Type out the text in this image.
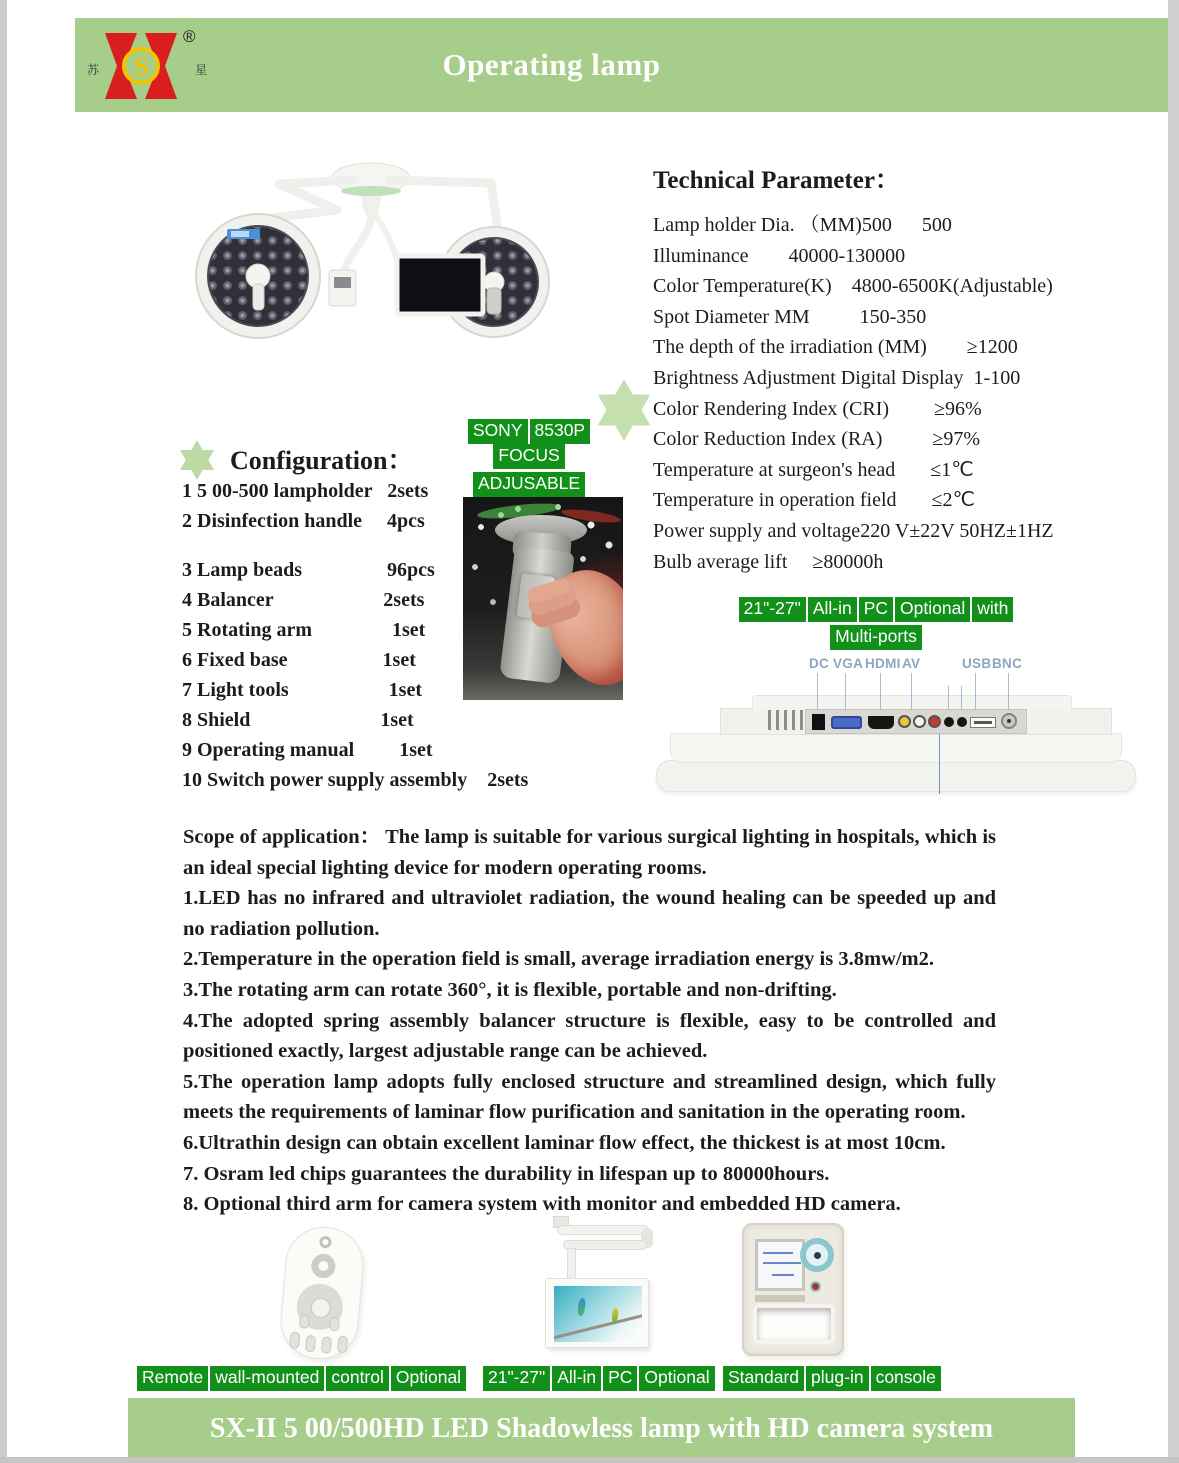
苏 S
®
星	Operating lamp
Technical Parameter：
Lamp holder Dia. （MM)500      500
Illuminance        40000-130000
Color Temperature(K)    4800-6500K(Adjustable)
Spot Diameter MM          150-350
The depth of the irradiation (MM)        ≥1200
Brightness Adjustment Digital Display  1-100
Color Rendering Index (CRI)         ≥96%
Color Reduction Index (RA)          ≥97%
Temperature at surgeon's head       ≤1℃
Temperature in operation field       ≤2℃
Power supply and voltage220 V±22V 50HZ±1HZ
Bulb average lift     ≥80000h
Configuration：
1 5 00-500 lampholder   2sets
2 Disinfection handle     4pcs
3 Lamp beads                 96pcs
4 Balancer                      2sets
5 Rotating arm                1set
6 Fixed base                   1set
7 Light tools                    1set
8 Shield                          1set
9 Operating manual         1set
10 Switch power supply assembly    2sets
SONY 8530PFOCUS
ADJUSABLE
21"-27" All-in PC Optional with
Multi-ports
DC VGA HDMI AV	USB BNC

Scope of application： The lamp is suitable for various surgical lighting in hospitals, which is an ideal special lighting device for modern operating rooms.

1.LED has no infrared and ultraviolet radiation, the wound healing can be speeded up and no radiation pollution.

2.Temperature in the operation field is small, average irradiation energy is 3.8mw/m2.

3.The rotating arm can rotate 360°, it is flexible, portable and non-drifting.

4.The adopted spring assembly balancer structure is flexible, easy to be controlled and positioned exactly, largest adjustable range can be achieved.

5.The operation lamp adopts fully enclosed structure and streamlined design, which fully meets the requirements of laminar flow purification and sanitation in the operating room.

6.Ultrathin design can obtain excellent laminar flow effect, the thickest is at most 10cm.

7. Osram led chips guarantees the durability in lifespan up to 80000hours.

8. Optional third arm for camera system with monitor and embedded HD camera.

Remote wall-mounted control Optional	21"-27" All-in PC Optional	Standard plug-in console
SX-II 5 00/500HD LED Shadowless lamp with HD camera system
